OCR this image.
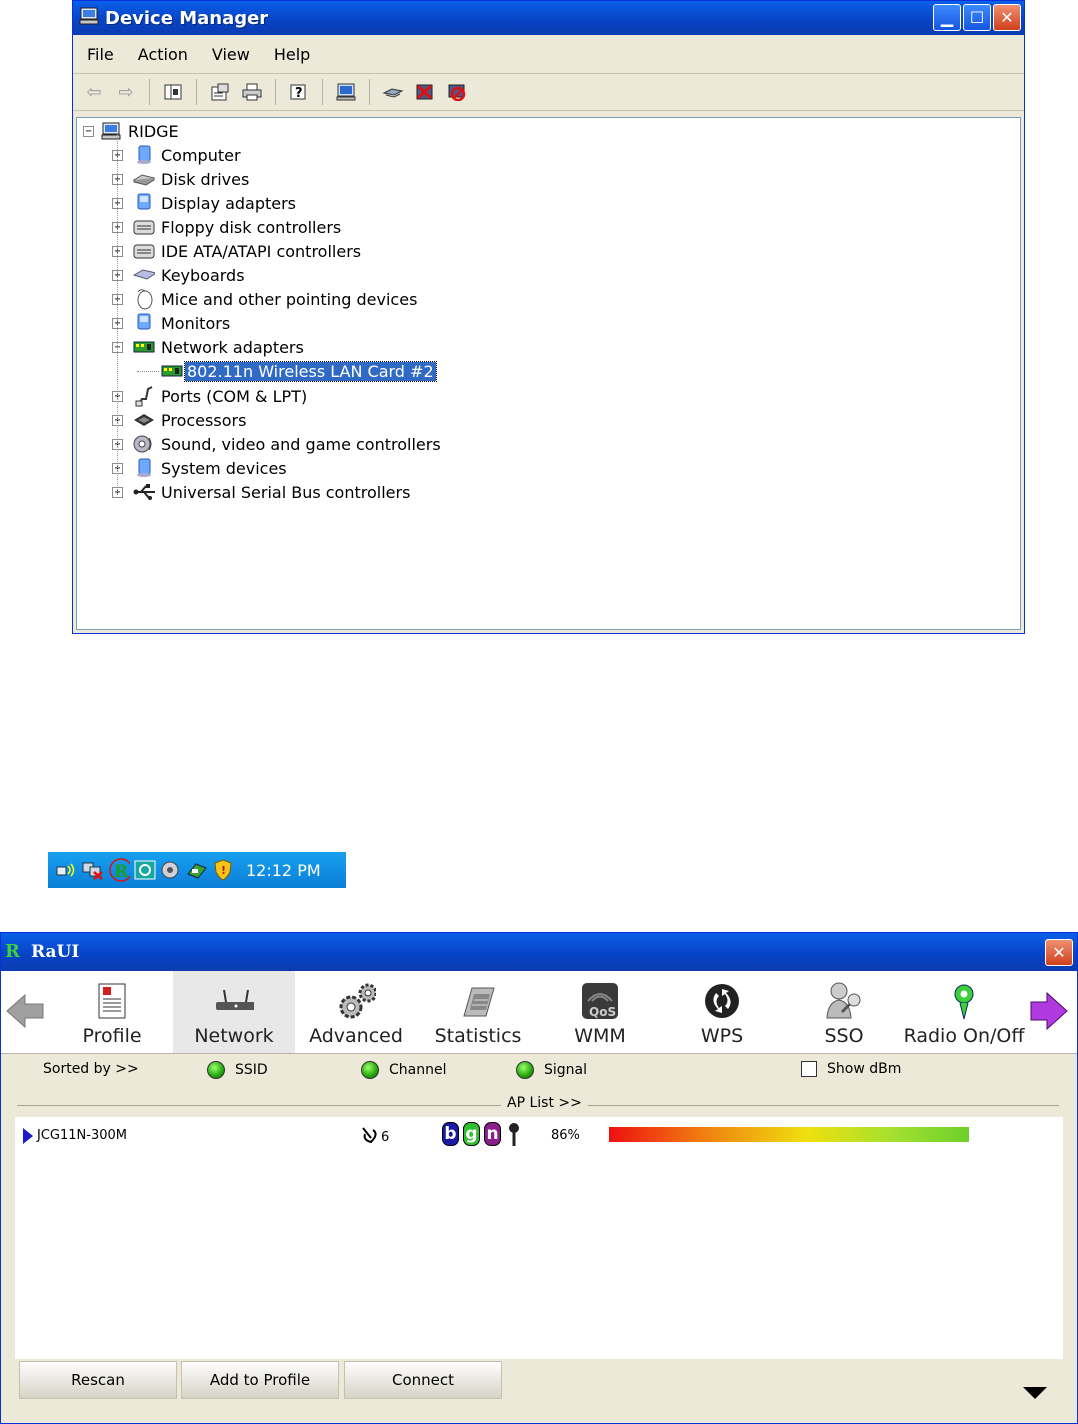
Device Manager	▁	☐	✕
File Action View Help
⇦ ⇨	?
− RIDGE
+	Computer
+	Disk drives
+	Display adapters
+	Floppy disk controllers
+	IDE ATA/ATAPI controllers
+	Keyboards
+	Mice and other pointing devices
+	Monitors
−	Network adapters
802.11n Wireless LAN Card #2
+	Ports (COM & LPT)
+	Processors
+	Sound, video and game controllers
+	System devices
+	Universal Serial Bus controllers
R	! 12:12 PM
R RaUI	✕
Profile	Network Advanced Statistics
QoS
WMM	WPS	SSO Radio On/Off
Sorted by >>	SSID	Channel	Signal	Show dBm
AP List >>
JCG11N-300M	6	b g n	86%
Rescan	Add to Profile	Connect
